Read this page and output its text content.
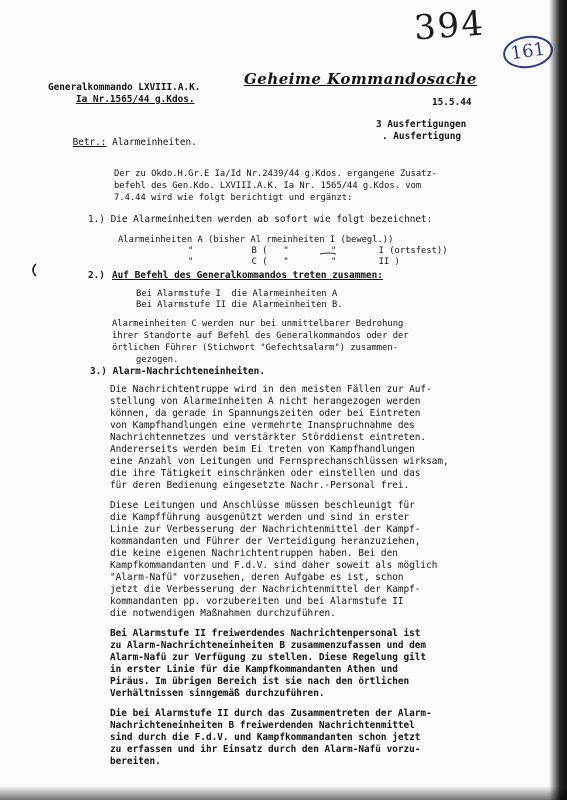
394
161
Geheime Kommandosache
Generalkommando LXVIII.A.K.
Ia Nr.1565/44 g.Kdos.	15.5.44

Betr.: Alarmeinheiten.

3 Ausfertigungen
. Ausfertigung
Der zu Okdo.H.Gr.E Ia/Id Nr.2439/44 g.Kdos. ergangene Zusatz-
befehl des Gen.Kdo. LXVIII.A.K. Ia Nr. 1565/44 g.Kdos. vom
7.4.44 wird wie folgt berichtigt und ergänzt:
1.) Die Alarmeinheiten werden ab sofort wie folgt bezeichnet:
Alarmeinheiten A (bisher Al rmeinheiten I (bewegl.))
"           B (   "        "        I (ortsfest))
"           C (   "        "        II )
2.) Auf Befehl des Generalkommandos treten zusammen:
Bei Alarmstufe I  die Alarmeinheiten A
Bei Alarmstufe II die Alarmeinheiten B.
Alarmeinheiten C werden nur bei unmittelbarer Bedrohung
ihrer Standorte auf Befehl des Generalkommandos oder der
örtlichen Führer (Stichwort "Gefechtsalarm") zusammen-
gezogen.
3.) Alarm-Nachrichteneinheiten.
Die Nachrichtentruppe wird in den meisten Fällen zur Auf-
stellung von Alarmeinheiten A nicht herangezogen werden
können, da gerade in Spannungszeiten oder bei Eintreten
von Kampfhandlungen eine vermehrte Inanspruchnahme des
Nachrichtennetzes und verstärkter Störddienst eintreten.
Andererseits werden beim Ei treten von Kampfhandlungen
eine Anzahl von Leitungen und Fernsprechanschlüssen wirksam,
die ihre Tätigkeit einschränken oder einstellen und das
für deren Bedienung eingesetzte Nachr.-Personal frei.
Diese Leitungen und Anschlüsse müssen beschleunigt für
die Kampfführung ausgenützt werden und sind in erster
Linie zur Verbesserung der Nachrichtenmittel der Kampf-
kommandanten und Führer der Verteidigung heranzuziehen,
die keine eigenen Nachrichtentruppen haben. Bei den
Kampfkommandanten und F.d.V. sind daher soweit als möglich
"Alarm-Nafü" vorzusehen, deren Aufgabe es ist, schon
jetzt die Verbesserung der Nachrichtenmittel der Kampf-
kommandanten pp. vorzubereiten und bei Alarmstufe II
die notwendigen Maßnahmen durchzuführen.
Bei Alarmstufe II freiwerdendes Nachrichtenpersonal ist
zu Alarm-Nachrichteneinheiten B zusammenzufassen und dem
Alarm-Nafü zur Verfügung zu stellen. Diese Regelung gilt
in erster Linie für die Kampfkommandanten Athen und
Piräus. Im übrigen Bereich ist sie nach den örtlichen
Verhältnissen sinngemäß durchzuführen.
Die bei Alarmstufe II durch das Zusammentreten der Alarm-
Nachrichteneinheiten B freiwerdenden Nachrichtenmittel
sind durch die F.d.V. und Kampfkommandanten schon jetzt
zu erfassen und ihr Einsatz durch den Alarm-Nafü vorzu-
bereiten.
